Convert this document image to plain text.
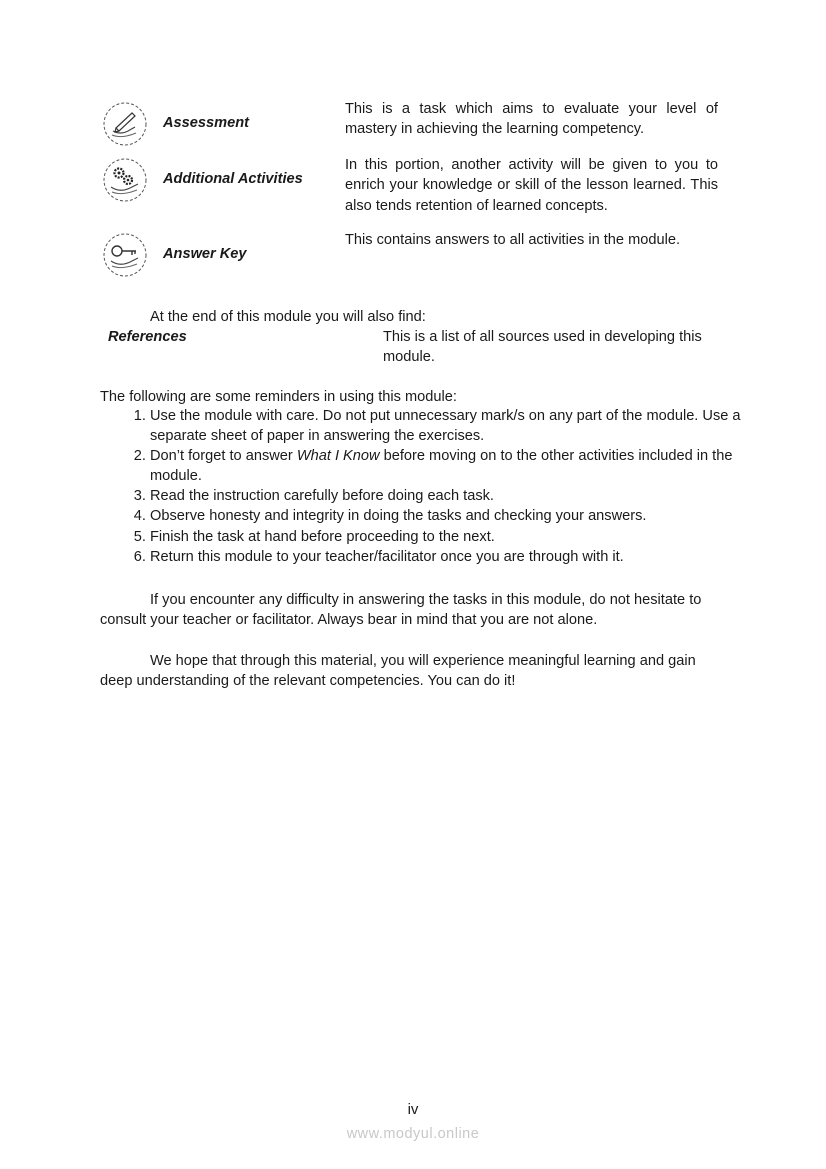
Assessment
This is a task which aims to evaluate your level of mastery in achieving the learning competency.
Additional Activities
In this portion, another activity will be given to you to enrich your knowledge or skill of the lesson learned. This also tends retention of learned concepts.
Answer Key
This contains answers to all activities in the module.
At the end of this module you will also find:
References	This is a list of all sources used in developing this
module.
The following are some reminders in using this module:
1. Use the module with care. Do not put unnecessary mark/s on any part of the module. Use a separate sheet of paper in answering the exercises.
2. Don’t forget to answer What I Know before moving on to the other activities included in the module.
3. Read the instruction carefully before doing each task.
4. Observe honesty and integrity in doing the tasks and checking your answers.
5. Finish the task at hand before proceeding to the next.
6. Return this module to your teacher/facilitator once you are through with it.
If you encounter any difficulty in answering the tasks in this module, do not hesitate to consult your teacher or facilitator. Always bear in mind that you are not alone.
We hope that through this material, you will experience meaningful learning and gain deep understanding of the relevant competencies. You can do it!
iv
www.modyul.online
